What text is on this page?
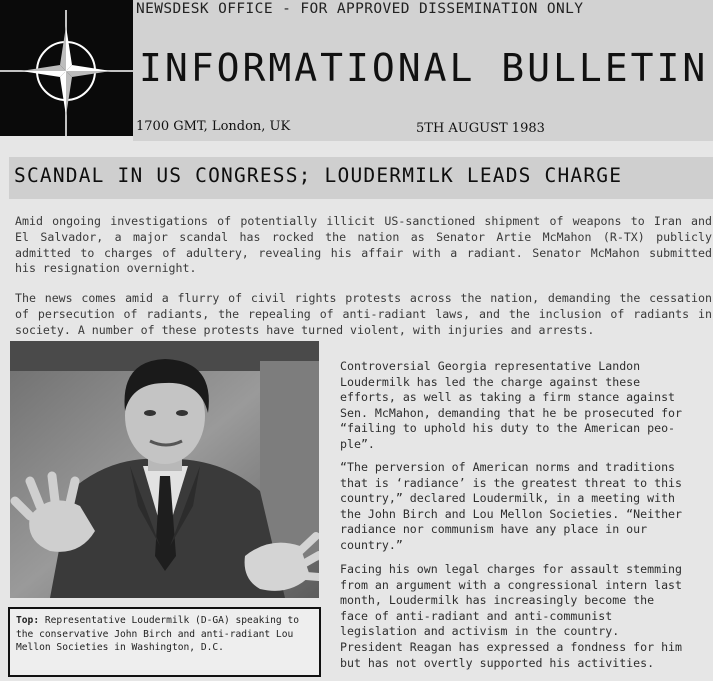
NEWSDESK OFFICE - FOR APPROVED DISSEMINATION ONLY
INFORMATIONAL BULLETIN
1700 GMT, London, UK	5TH AUGUST 1983
SCANDAL IN US CONGRESS; LOUDERMILK LEADS CHARGE
Amid ongoing investigations of potentially illicit US-sanctioned shipment of weapons to Iran and
El Salvador, a major scandal has rocked the nation as Senator Artie McMahon (R-TX) publicly
admitted to charges of adultery, revealing his affair with a radiant. Senator McMahon submitted
his resignation overnight.
The news comes amid a flurry of civil rights protests across the nation, demanding the cessation
of persecution of radiants, the repealing of anti-radiant laws, and the inclusion of radiants in
society. A number of these protests have turned violent, with injuries and arrests.
Top: Representative Loudermilk (D-GA) speaking to the conservative John Birch and anti-radiant Lou Mellon Societies in Washington, D.C.
Controversial Georgia representative Landon
Loudermilk has led the charge against these
efforts, as well as taking a firm stance against
Sen. McMahon, demanding that he be prosecuted for
“failing to uphold his duty to the American peo-
ple”.
“The perversion of American norms and traditions
that is ‘radiance’ is the greatest threat to this
country,” declared Loudermilk, in a meeting with
the John Birch and Lou Mellon Societies. “Neither
radiance nor communism have any place in our
country.”
Facing his own legal charges for assault stemming
from an argument with a congressional intern last
month, Loudermilk has increasingly become the
face of anti-radiant and anti-communist
legislation and activism in the country.
President Reagan has expressed a fondness for him
but has not overtly supported his activities.
